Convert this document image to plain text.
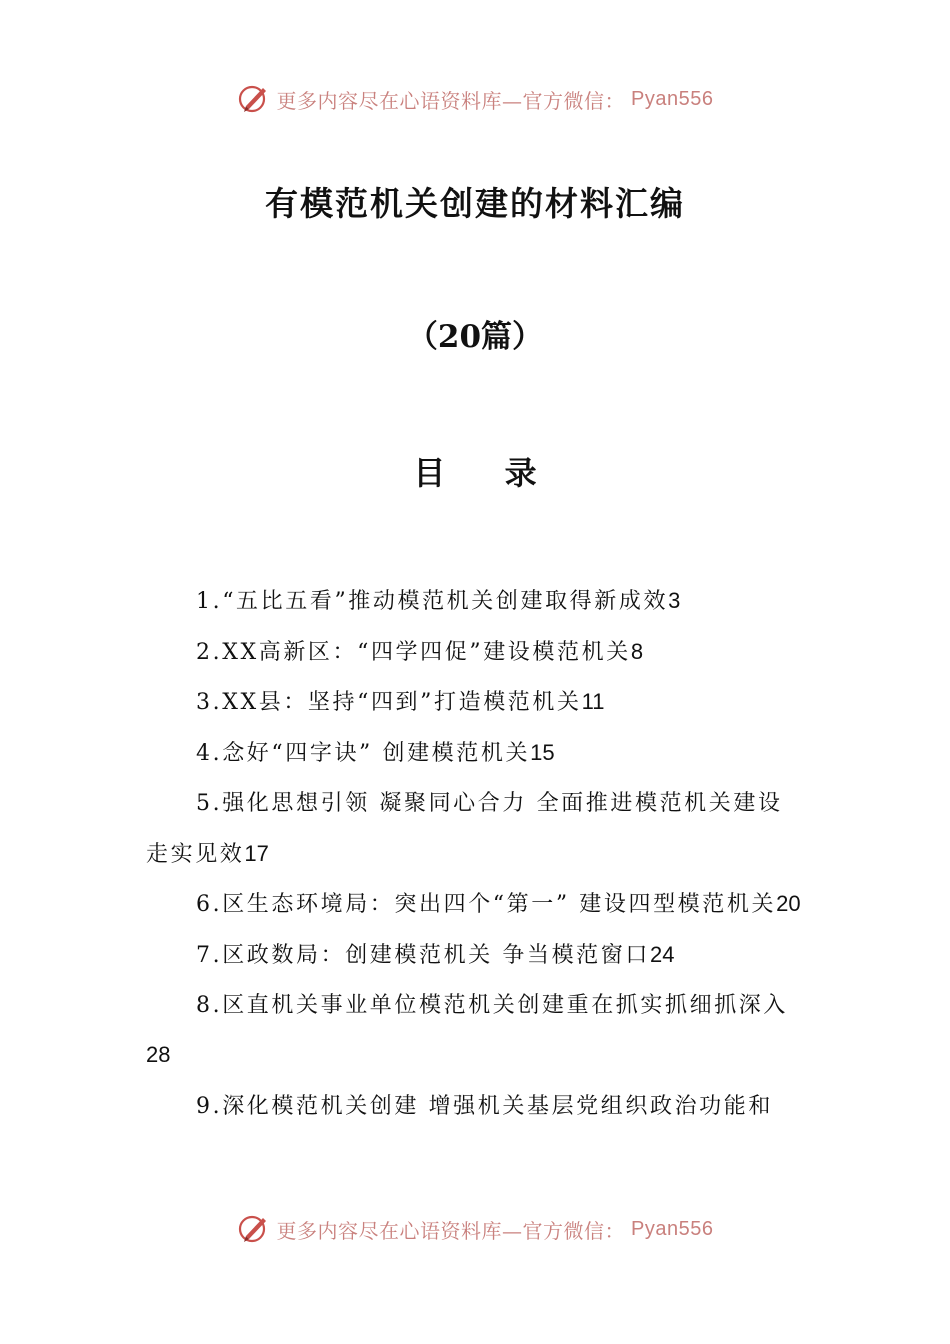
更多内容尽在心语资料库—官方微信： Pyan556
有模范机关创建的材料汇编
（20篇）
目 录

1.“五比五看”推动模范机关创建取得新成效3

2.XX高新区：“四学四促”建设模范机关8

3.XX县：坚持“四到”打造模范机关11

4.念好“四字诀” 创建模范机关15

5.强化思想引领 凝聚同心合力 全面推进模范机关建设走实见效17

6.区生态环境局：突出四个“第一” 建设四型模范机关20

7.区政数局：创建模范机关 争当模范窗口24

8.区直机关事业单位模范机关创建重在抓实抓细抓深入28

9.深化模范机关创建 增强机关基层党组织政治功能和

更多内容尽在心语资料库—官方微信： Pyan556
